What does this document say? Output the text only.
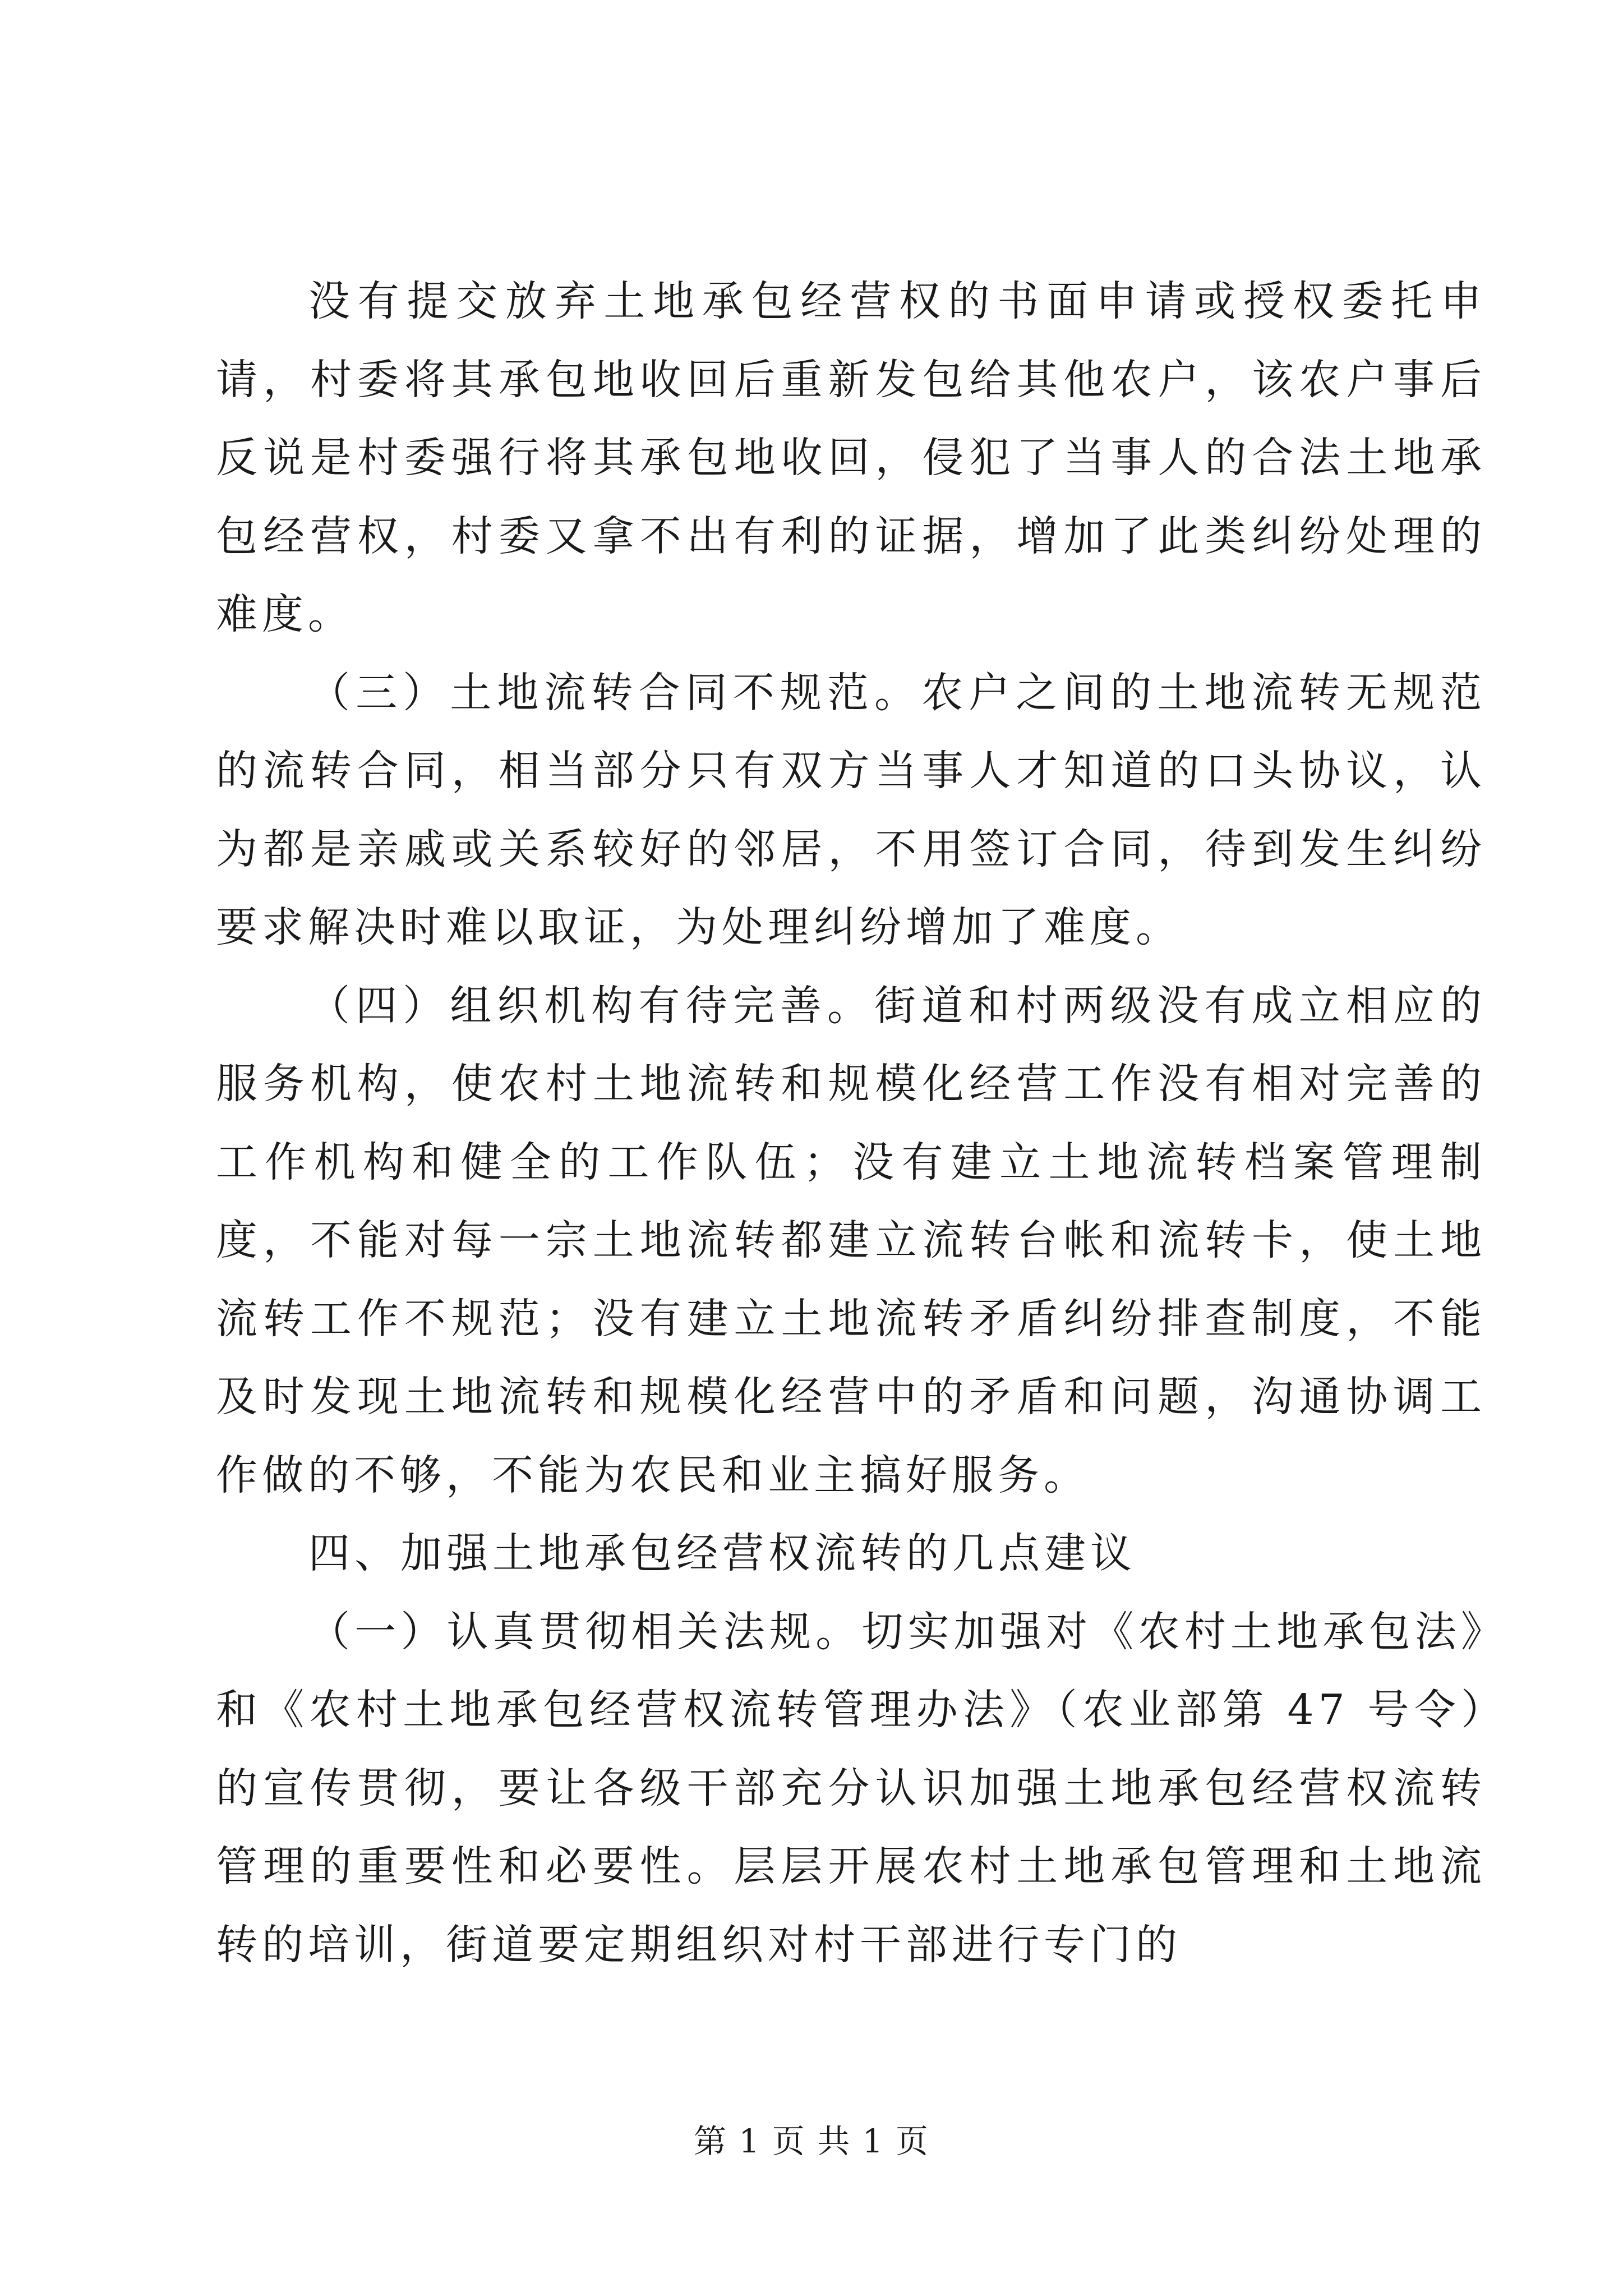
没有提交放弃土地承包经营权的书面申请或授权委托申请，村委将其承包地收回后重新发包给其他农户，该农户事后反说是村委强行将其承包地收回，侵犯了当事人的合法土地承包经营权，村委又拿不出有利的证据，增加了此类纠纷处理的难度。

（三）土地流转合同不规范。农户之间的土地流转无规范的流转合同，相当部分只有双方当事人才知道的口头协议，认为都是亲戚或关系较好的邻居，不用签订合同，待到发生纠纷要求解决时难以取证，为处理纠纷增加了难度。

（四）组织机构有待完善。街道和村两级没有成立相应的服务机构，使农村土地流转和规模化经营工作没有相对完善的工作机构和健全的工作队伍；没有建立土地流转档案管理制度，不能对每一宗土地流转都建立流转台帐和流转卡，使土地流转工作不规范；没有建立土地流转矛盾纠纷排查制度，不能及时发现土地流转和规模化经营中的矛盾和问题，沟通协调工作做的不够，不能为农民和业主搞好服务。

四、加强土地承包经营权流转的几点建议

（一）认真贯彻相关法规。切实加强对《农村土地承包法》和《农村土地承包经营权流转管理办法》（农业部第 47 号令）的宣传贯彻，要让各级干部充分认识加强土地承包经营权流转管理的重要性和必要性。层层开展农村土地承包管理和土地流转的培训，街道要定期组织对村干部进行专门的

第 1 页 共 1 页
